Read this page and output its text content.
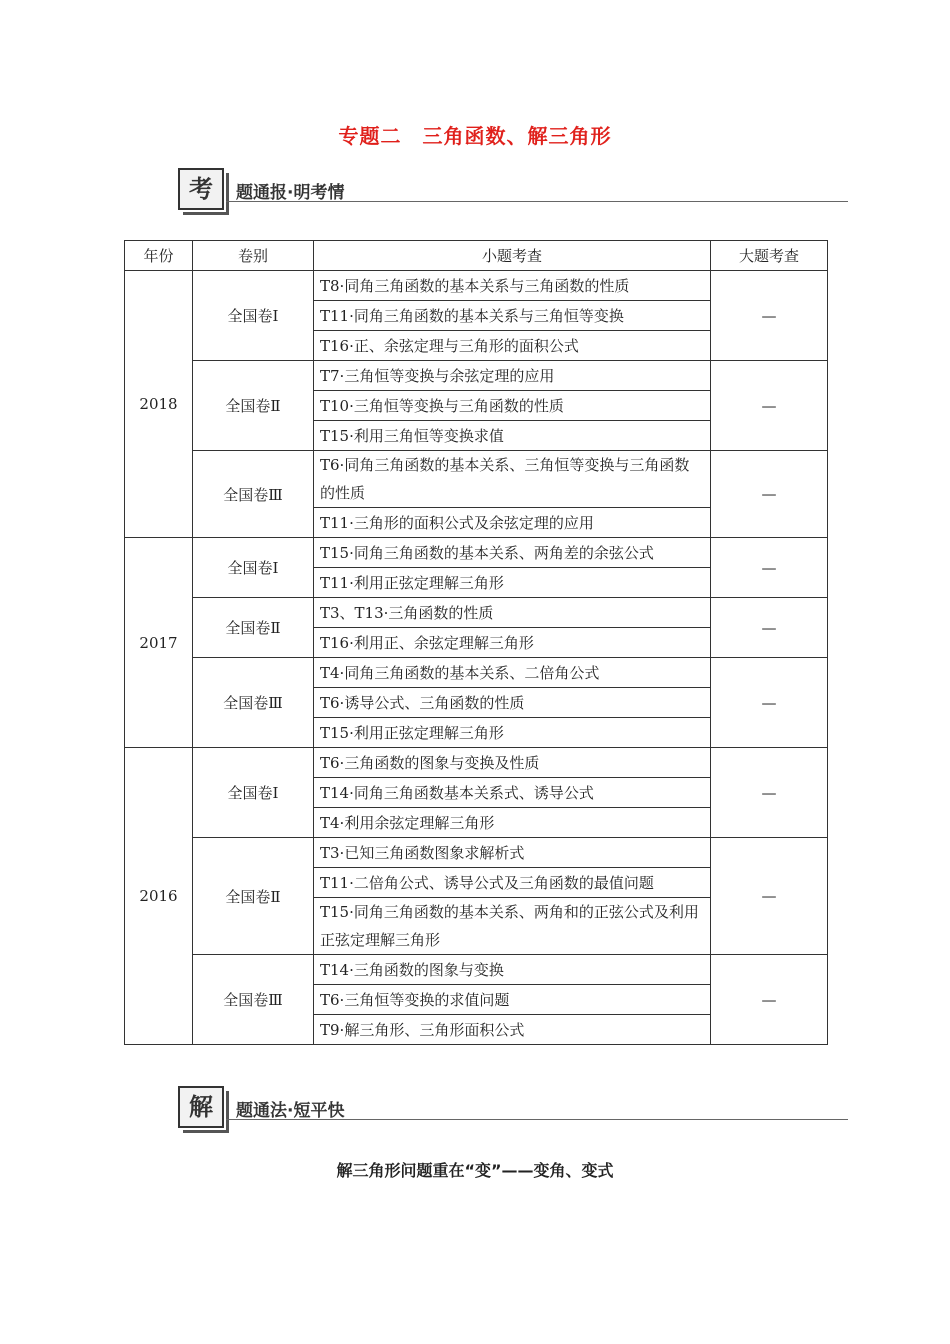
专题二　三角函数、解三角形
考	题通报·明考情
年份	卷别	小题考查	大题考查
2018	全国卷Ⅰ	T8·同角三角函数的基本关系与三角函数的性质	—
		T11·同角三角函数的基本关系与三角恒等变换	
		T16·正、余弦定理与三角形的面积公式	
	全国卷Ⅱ	T7·三角恒等变换与余弦定理的应用	—
		T10·三角恒等变换与三角函数的性质	
		T15·利用三角恒等变换求值	
	全国卷Ⅲ	T6·同角三角函数的基本关系、三角恒等变换与三角函数的性质	—
		T11·三角形的面积公式及余弦定理的应用	
2017	全国卷Ⅰ	T15·同角三角函数的基本关系、两角差的余弦公式	—
		T11·利用正弦定理解三角形	
	全国卷Ⅱ	T3、T13·三角函数的性质	—
		T16·利用正、余弦定理解三角形	
	全国卷Ⅲ	T4·同角三角函数的基本关系、二倍角公式	—
		T6·诱导公式、三角函数的性质	
		T15·利用正弦定理解三角形	
2016	全国卷Ⅰ	T6·三角函数的图象与变换及性质	—
		T14·同角三角函数基本关系式、诱导公式	
		T4·利用余弦定理解三角形	
	全国卷Ⅱ	T3·已知三角函数图象求解析式	—
		T11·二倍角公式、诱导公式及三角函数的最值问题	
		T15·同角三角函数的基本关系、两角和的正弦公式及利用正弦定理解三角形	
	全国卷Ⅲ	T14·三角函数的图象与变换	—
		T6·三角恒等变换的求值问题	
		T9·解三角形、三角形面积公式	
解	题通法·短平快
解三角形问题重在“变”——变角、变式
